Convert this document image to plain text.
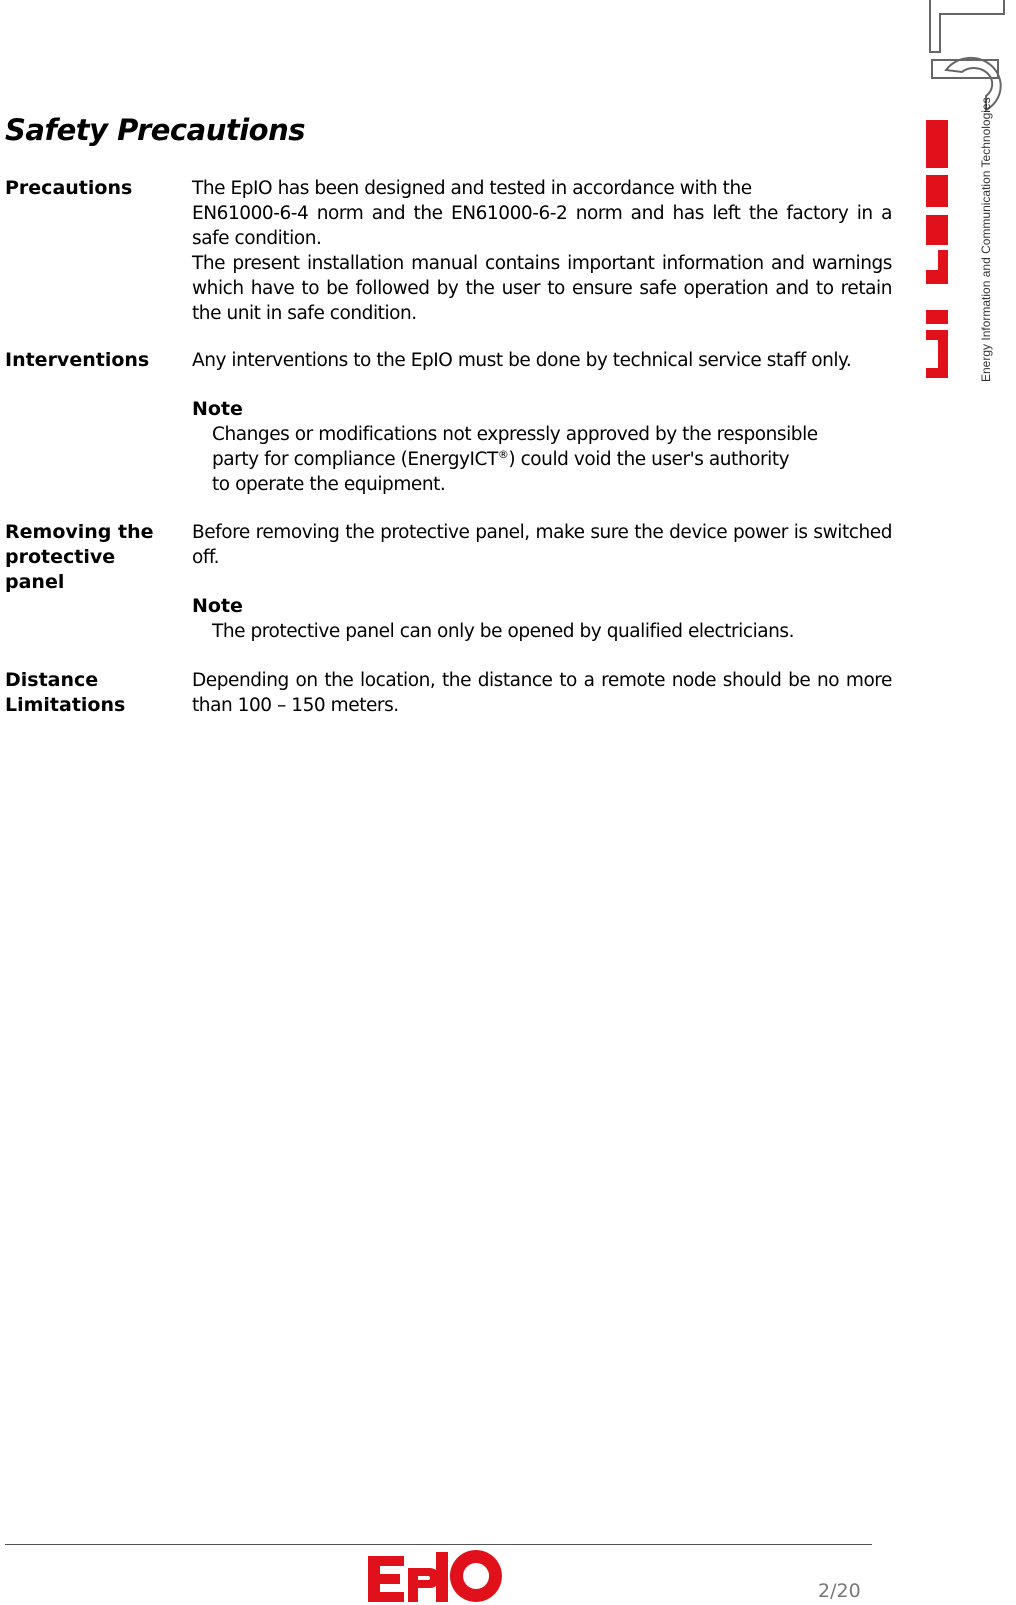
Energy Information and Communication Technologies
Safety Precautions
Precautions	The EpIO has been designed and tested in accordance with the

EN61000-6-4 norm and the EN61000-6-2 norm and has left the factory in a safe condition.

The present installation manual contains important information and warnings which have to be followed by the user to ensure safe operation and to retain the unit in safe condition.

Interventions	Any interventions to the EpIO must be done by technical service staff only.
Note

Changes or modifications not expressly approved by the responsible

party for compliance (EnergyICT®) could void the user's authority

to operate the equipment.

Removing the protective panel
Before removing the protective panel, make sure the device power is switched off.
Note
The protective panel can only be opened by qualified electricians.
Distance Limitations
Depending on the location, the distance to a remote node should be no more than 100 – 150 meters.
2/20
